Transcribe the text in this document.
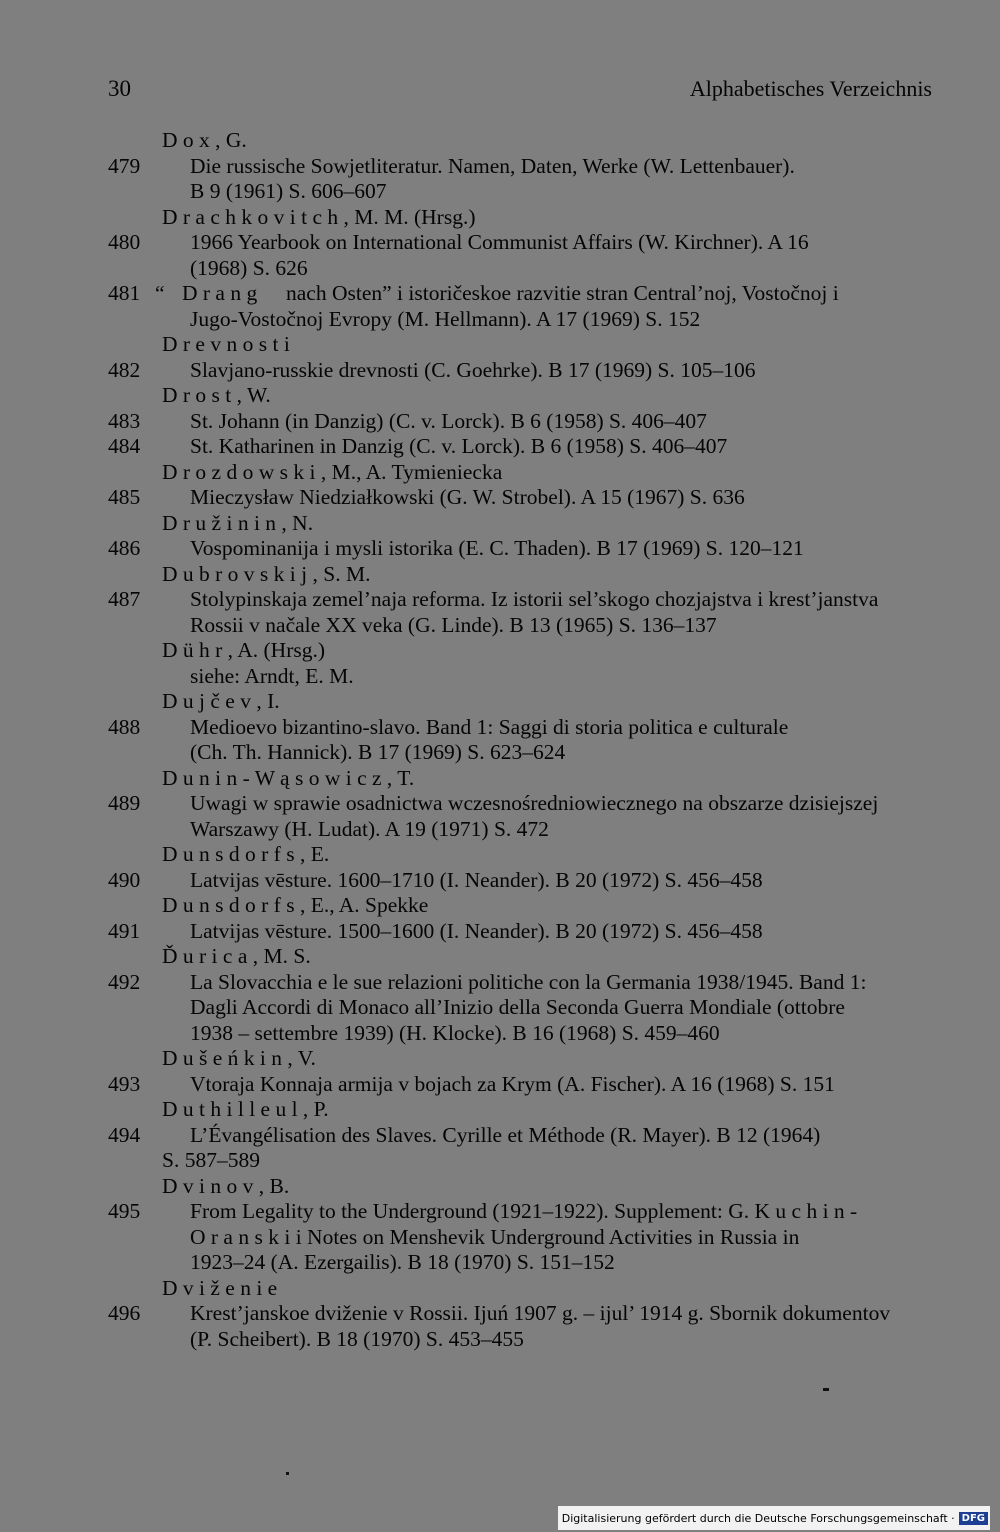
30	Alphabetisches Verzeichnis
D o x , G.
479 Die russische Sowjetliteratur. Namen, Daten, Werke (W. Lettenbauer).
B 9 (1961) S. 606–607
D r a c h k o v i t c h , M. M. (Hrsg.)
480 1966 Yearbook on International Communist Affairs (W. Kirchner). A 16
(1968) S. 626
481 “ D r a n g nach Osten” i istoričeskoe razvitie stran Central’noj, Vostočnoj i
Jugo-Vostočnoj Evropy (M. Hellmann). A 17 (1969) S. 152
D r e v n o s t i
482 Slavjano-russkie drevnosti (C. Goehrke). B 17 (1969) S. 105–106
D r o s t , W.
483 St. Johann (in Danzig) (C. v. Lorck). B 6 (1958) S. 406–407
484 St. Katharinen in Danzig (C. v. Lorck). B 6 (1958) S. 406–407
D r o z d o w s k i , M., A. Tymieniecka
485 Mieczysław Niedziałkowski (G. W. Strobel). A 15 (1967) S. 636
D r u ž i n i n , N.
486 Vospominanija i mysli istorika (E. C. Thaden). B 17 (1969) S. 120–121
D u b r o v s k i j , S. M.
487 Stolypinskaja zemel’naja reforma. Iz istorii sel’skogo chozjajstva i krest’janstva
Rossii v načale XX veka (G. Linde). B 13 (1965) S. 136–137
D ü h r , A. (Hrsg.)
siehe: Arndt, E. M.
D u j č e v , I.
488 Medioevo bizantino-slavo. Band 1: Saggi di storia politica e culturale
(Ch. Th. Hannick). B 17 (1969) S. 623–624
D u n i n - W ą s o w i c z , T.
489 Uwagi w sprawie osadnictwa wczesnośredniowiecznego na obszarze dzisiejszej
Warszawy (H. Ludat). A 19 (1971) S. 472
D u n s d o r f s , E.
490 Latvijas vēsture. 1600–1710 (I. Neander). B 20 (1972) S. 456–458
D u n s d o r f s , E., A. Spekke
491 Latvijas vēsture. 1500–1600 (I. Neander). B 20 (1972) S. 456–458
Ď u r i c a , M. S.
492 La Slovacchia e le sue relazioni politiche con la Germania 1938/1945. Band 1:
Dagli Accordi di Monaco all’Inizio della Seconda Guerra Mondiale (ottobre
1938 – settembre 1939) (H. Klocke). B 16 (1968) S. 459–460
D u š e ń k i n , V.
493 Vtoraja Konnaja armija v bojach za Krym (A. Fischer). A 16 (1968) S. 151
D u t h i l l e u l , P.
494 L’Évangélisation des Slaves. Cyrille et Méthode (R. Mayer). B 12 (1964)
S. 587–589
D v i n o v , B.
495 From Legality to the Underground (1921–1922). Supplement: G. K u c h i n -
O r a n s k i i Notes on Menshevik Underground Activities in Russia in
1923–24 (A. Ezergailis). B 18 (1970) S. 151–152
D v i ž e n i e
496 Krest’janskoe dviženie v Rossii. Ijuń 1907 g. – ijul’ 1914 g. Sbornik dokumentov
(P. Scheibert). B 18 (1970) S. 453–455
Digitalisierung gefördert durch die Deutsche Forschungsgemeinschaft · DFG
